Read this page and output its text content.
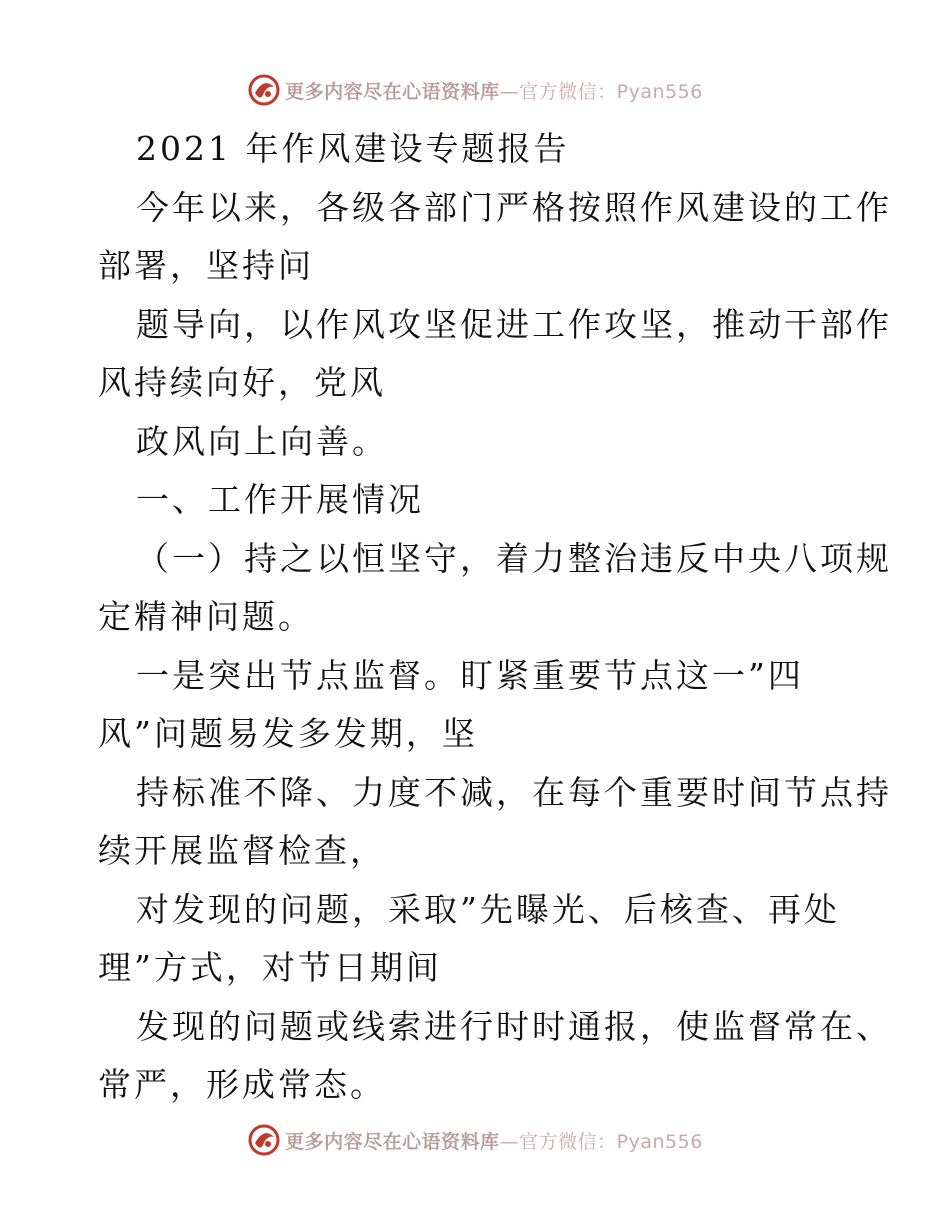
更多内容尽在心语资料库—官方微信：Pyan556
2021 年作风建设专题报告
今年以来，各级各部门严格按照作风建设的工作
部署，坚持问
题导向，以作风攻坚促进工作攻坚，推动干部作
风持续向好，党风
政风向上向善。
一、工作开展情况
（一）持之以恒坚守，着力整治违反中央八项规
定精神问题。
一是突出节点监督。盯紧重要节点这一”四
风”问题易发多发期，坚
持标准不降、力度不减，在每个重要时间节点持
续开展监督检查，
对发现的问题，采取”先曝光、后核查、再处
理”方式，对节日期间
发现的问题或线索进行时时通报，使监督常在、
常严，形成常态。
更多内容尽在心语资料库—官方微信：Pyan556
